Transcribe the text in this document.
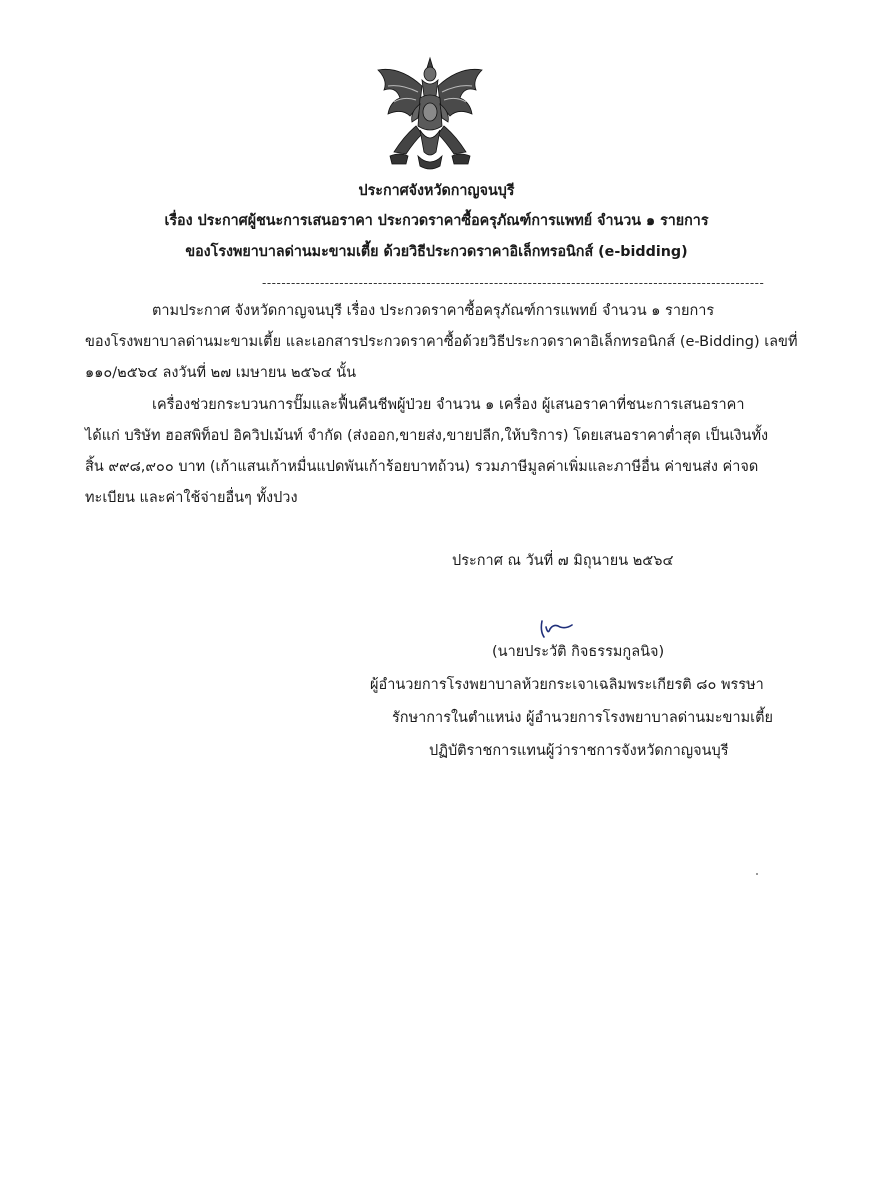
ประกาศจังหวัดกาญจนบุรี
เรื่อง ประกาศผู้ชนะการเสนอราคา ประกวดราคาซื้อครุภัณฑ์การแพทย์ จำนวน ๑ รายการ
ของโรงพยาบาลด่านมะขามเตี้ย ด้วยวิธีประกวดราคาอิเล็กทรอนิกส์ (e-bidding)
--------------------------------------------------------------------------------------------------------
ตามประกาศ จังหวัดกาญจนบุรี เรื่อง ประกวดราคาซื้อครุภัณฑ์การแพทย์ จำนวน ๑ รายการ
ของโรงพยาบาลด่านมะขามเตี้ย และเอกสารประกวดราคาซื้อด้วยวิธีประกวดราคาอิเล็กทรอนิกส์ (e-Bidding) เลขที่
๑๑๐/๒๕๖๔ ลงวันที่ ๒๗ เมษายน ๒๕๖๔ นั้น
เครื่องช่วยกระบวนการปั๊มและฟื้นคืนชีพผู้ป่วย จำนวน ๑ เครื่อง ผู้เสนอราคาที่ชนะการเสนอราคา
ได้แก่ บริษัท ฮอสพิท็อป อิควิปเม้นท์ จำกัด (ส่งออก,ขายส่ง,ขายปลีก,ให้บริการ) โดยเสนอราคาต่ำสุด เป็นเงินทั้ง
สิ้น ๙๙๘,๙๐๐ บาท (เก้าแสนเก้าหมื่นแปดพันเก้าร้อยบาทถ้วน) รวมภาษีมูลค่าเพิ่มและภาษีอื่น ค่าขนส่ง ค่าจด
ทะเบียน และค่าใช้จ่ายอื่นๆ ทั้งปวง
ประกาศ ณ วันที่ ๗ มิถุนายน ๒๕๖๔
(นายประวัติ กิจธรรมกูลนิจ)
ผู้อำนวยการโรงพยาบาลห้วยกระเจาเฉลิมพระเกียรติ ๘๐ พรรษา
รักษาการในตำแหน่ง ผู้อำนวยการโรงพยาบาลด่านมะขามเตี้ย
ปฏิบัติราชการแทนผู้ว่าราชการจังหวัดกาญจนบุรี
